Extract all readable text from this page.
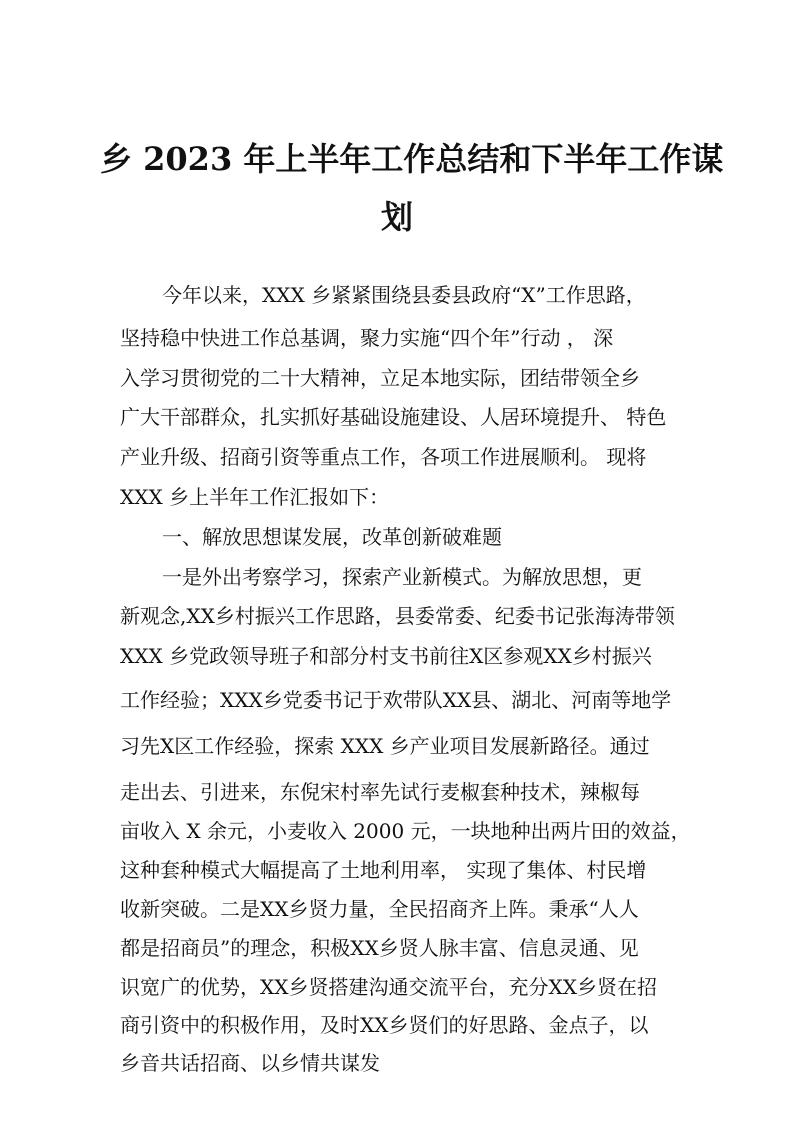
乡 2023 年上半年工作总结和下半年工作谋
划
今年以来，XXX 乡紧紧围绕县委县政府“X”工作思路，
坚持稳中快进工作总基调，聚力实施“四个年”行动 ， 深
入学习贯彻党的二十大精神，立足本地实际，团结带领全乡
广大干部群众，扎实抓好基础设施建设、人居环境提升、 特色
产业升级、招商引资等重点工作，各项工作进展顺利。 现将
XXX 乡上半年工作汇报如下：
一、解放思想谋发展，改革创新破难题
一是外出考察学习，探索产业新模式。为解放思想，更
新观念,XX乡村振兴工作思路，县委常委、纪委书记张海涛带领
XXX 乡党政领导班子和部分村支书前往X区参观XX乡村振兴
工作经验；XXX乡党委书记于欢带队XX县、湖北、河南等地学
习先X区工作经验，探索 XXX 乡产业项目发展新路径。通过
走出去、引进来，东倪宋村率先试行麦椒套种技术，辣椒每
亩收入 X 余元，小麦收入 2000 元，一块地种出两片田的效益，
这种套种模式大幅提高了土地利用率， 实现了集体、村民增
收新突破。二是XX乡贤力量，全民招商齐上阵。秉承“人人
都是招商员”的理念，积极XX乡贤人脉丰富、信息灵通、见
识宽广的优势，XX乡贤搭建沟通交流平台，充分XX乡贤在招
商引资中的积极作用，及时XX乡贤们的好思路、金点子，以
乡音共话招商、以乡情共谋发
